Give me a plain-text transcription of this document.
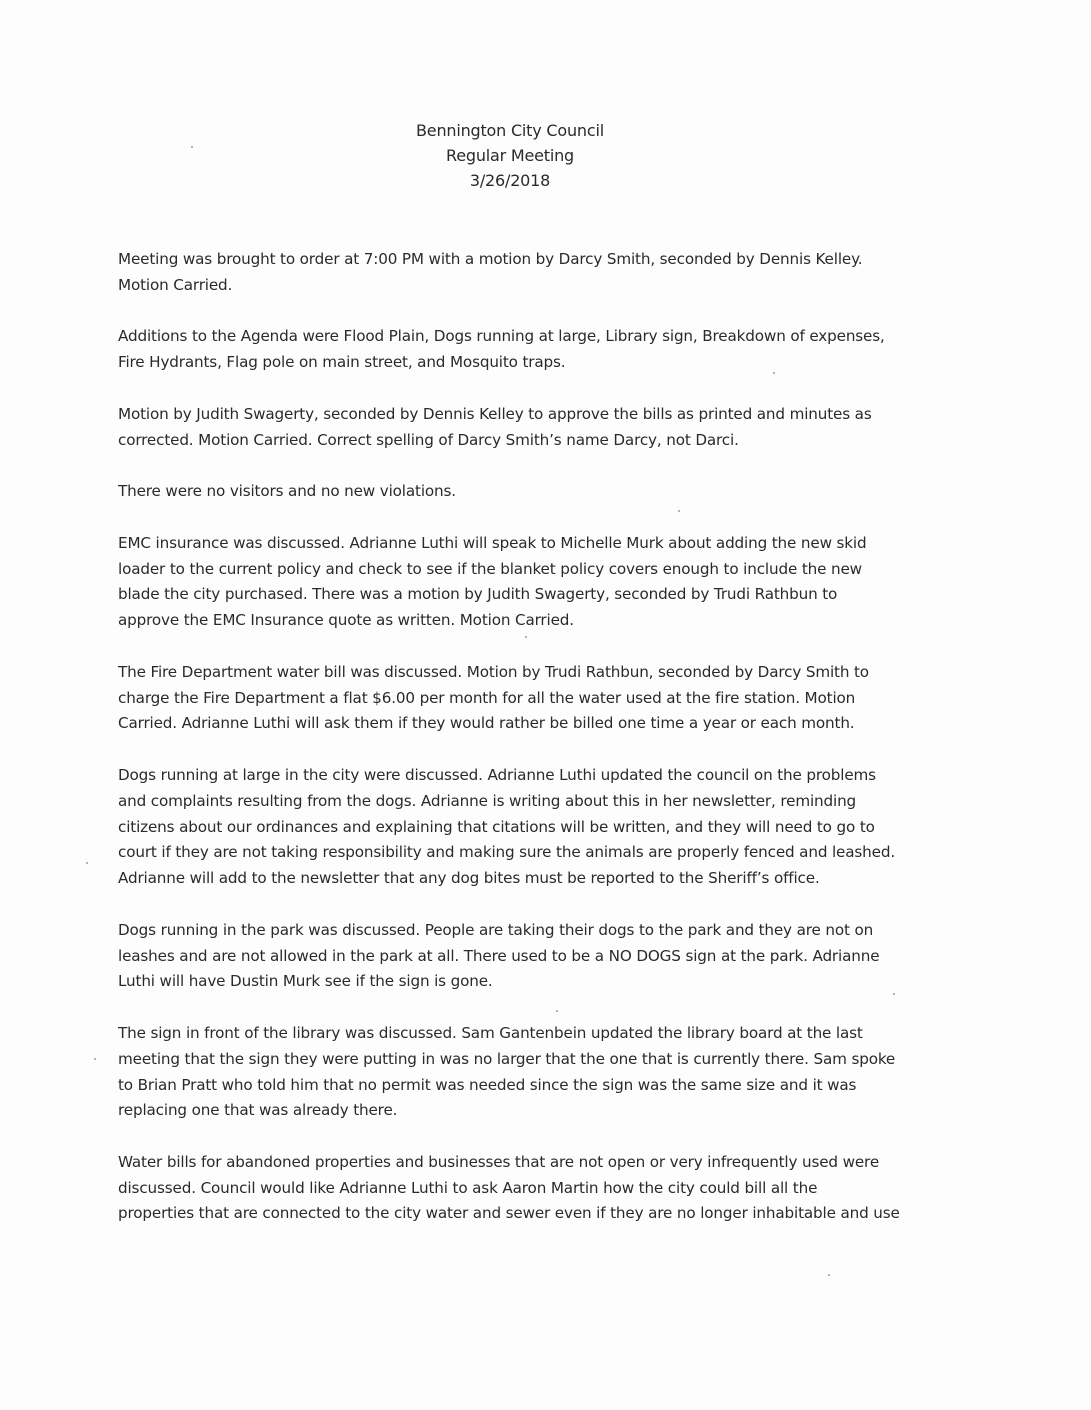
Bennington City Council
Regular Meeting
3/26/2018
Meeting was brought to order at 7:00 PM with a motion by Darcy Smith, seconded by Dennis Kelley.
Motion Carried.
Additions to the Agenda were Flood Plain, Dogs running at large, Library sign, Breakdown of expenses,
Fire Hydrants, Flag pole on main street, and Mosquito traps.
Motion by Judith Swagerty, seconded by Dennis Kelley to approve the bills as printed and minutes as
corrected. Motion Carried. Correct spelling of Darcy Smith’s name Darcy, not Darci.
There were no visitors and no new violations.
EMC insurance was discussed. Adrianne Luthi will speak to Michelle Murk about adding the new skid
loader to the current policy and check to see if the blanket policy covers enough to include the new
blade the city purchased. There was a motion by Judith Swagerty, seconded by Trudi Rathbun to
approve the EMC Insurance quote as written. Motion Carried.
The Fire Department water bill was discussed. Motion by Trudi Rathbun, seconded by Darcy Smith to
charge the Fire Department a flat $6.00 per month for all the water used at the fire station. Motion
Carried. Adrianne Luthi will ask them if they would rather be billed one time a year or each month.
Dogs running at large in the city were discussed. Adrianne Luthi updated the council on the problems
and complaints resulting from the dogs. Adrianne is writing about this in her newsletter, reminding
citizens about our ordinances and explaining that citations will be written, and they will need to go to
court if they are not taking responsibility and making sure the animals are properly fenced and leashed.
Adrianne will add to the newsletter that any dog bites must be reported to the Sheriff’s office.
Dogs running in the park was discussed. People are taking their dogs to the park and they are not on
leashes and are not allowed in the park at all. There used to be a NO DOGS sign at the park. Adrianne
Luthi will have Dustin Murk see if the sign is gone.
The sign in front of the library was discussed. Sam Gantenbein updated the library board at the last
meeting that the sign they were putting in was no larger that the one that is currently there. Sam spoke
to Brian Pratt who told him that no permit was needed since the sign was the same size and it was
replacing one that was already there.
Water bills for abandoned properties and businesses that are not open or very infrequently used were
discussed. Council would like Adrianne Luthi to ask Aaron Martin how the city could bill all the
properties that are connected to the city water and sewer even if they are no longer inhabitable and use
